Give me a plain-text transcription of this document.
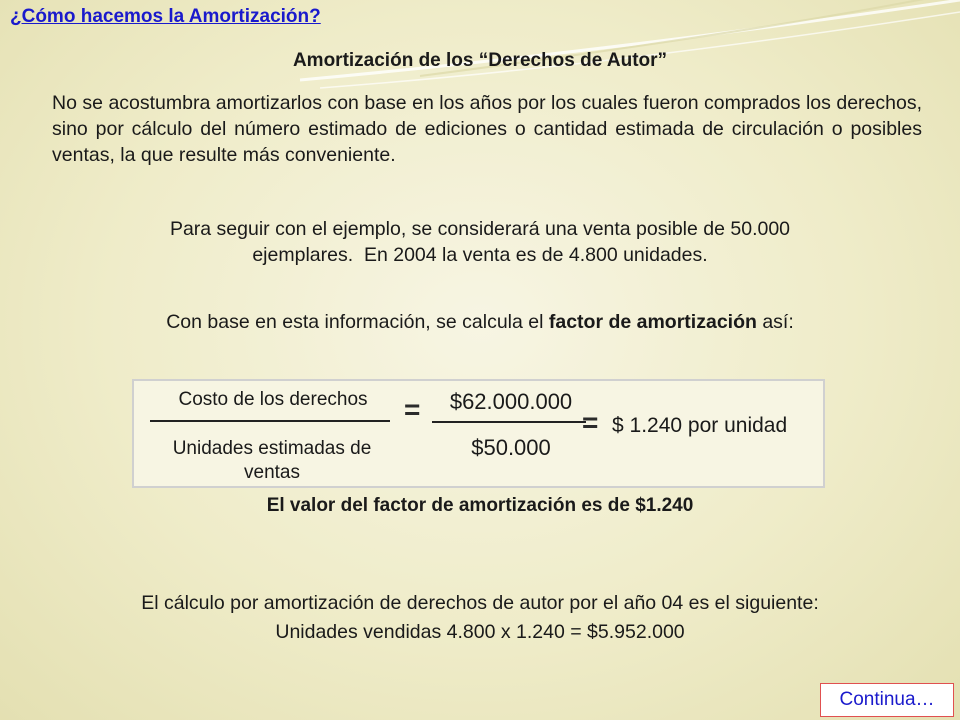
¿Cómo hacemos la Amortización?
Amortización de los “Derechos de Autor”
No se acostumbra amortizarlos con base en los años por los cuales fueron comprados los derechos, sino por cálculo del número estimado de ediciones o cantidad estimada de circulación o posibles ventas, la que resulte más conveniente.
Para seguir con el ejemplo, se considerará una venta posible de 50.000
ejemplares.  En 2004 la venta es de 4.800 unidades.
Con base en esta información, se calcula el factor de amortización así:
Costo de los derechos
Unidades estimadas de ventas
=	$62.000.000
$50.000
= $ 1.240 por unidad
El valor del factor de amortización es de $1.240
El cálculo por amortización de derechos de autor por el año 04 es el siguiente:
Unidades vendidas 4.800 x 1.240 = $5.952.000
Continua…
